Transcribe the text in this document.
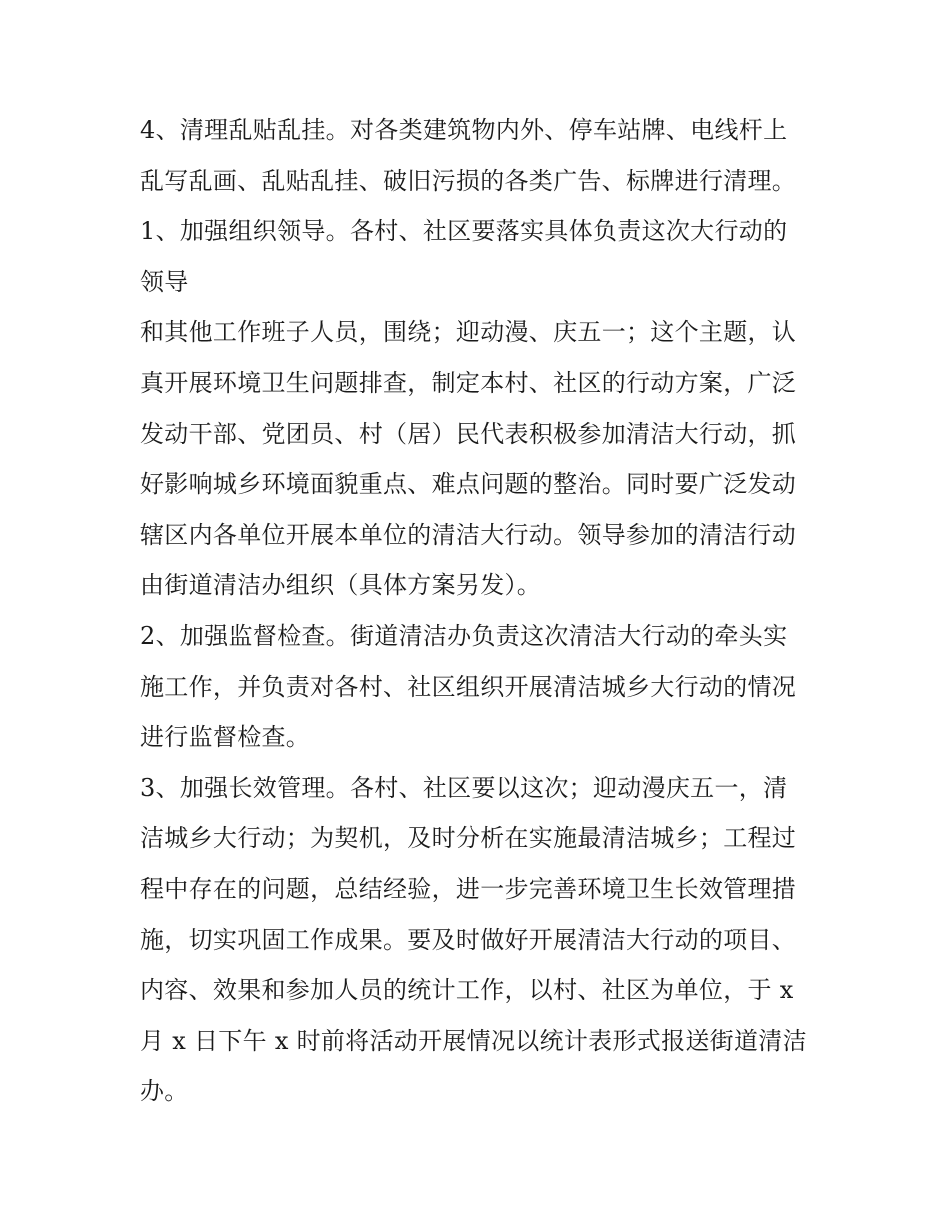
4、清理乱贴乱挂。对各类建筑物内外、停车站牌、电线杆上
乱写乱画、乱贴乱挂、破旧污损的各类广告、标牌进行清理。
1、加强组织领导。各村、社区要落实具体负责这次大行动的
领导
和其他工作班子人员，围绕；迎动漫、庆五一；这个主题，认
真开展环境卫生问题排查，制定本村、社区的行动方案，广泛
发动干部、党团员、村（居）民代表积极参加清洁大行动，抓
好影响城乡环境面貌重点、难点问题的整治。同时要广泛发动
辖区内各单位开展本单位的清洁大行动。领导参加的清洁行动
由街道清洁办组织（具体方案另发）。
2、加强监督检查。街道清洁办负责这次清洁大行动的牵头实
施工作，并负责对各村、社区组织开展清洁城乡大行动的情况
进行监督检查。
3、加强长效管理。各村、社区要以这次；迎动漫庆五一，清
洁城乡大行动；为契机，及时分析在实施最清洁城乡；工程过
程中存在的问题，总结经验，进一步完善环境卫生长效管理措
施，切实巩固工作成果。要及时做好开展清洁大行动的项目、
内容、效果和参加人员的统计工作，以村、社区为单位，于 x
月 x 日下午 x 时前将活动开展情况以统计表形式报送街道清洁
办。
